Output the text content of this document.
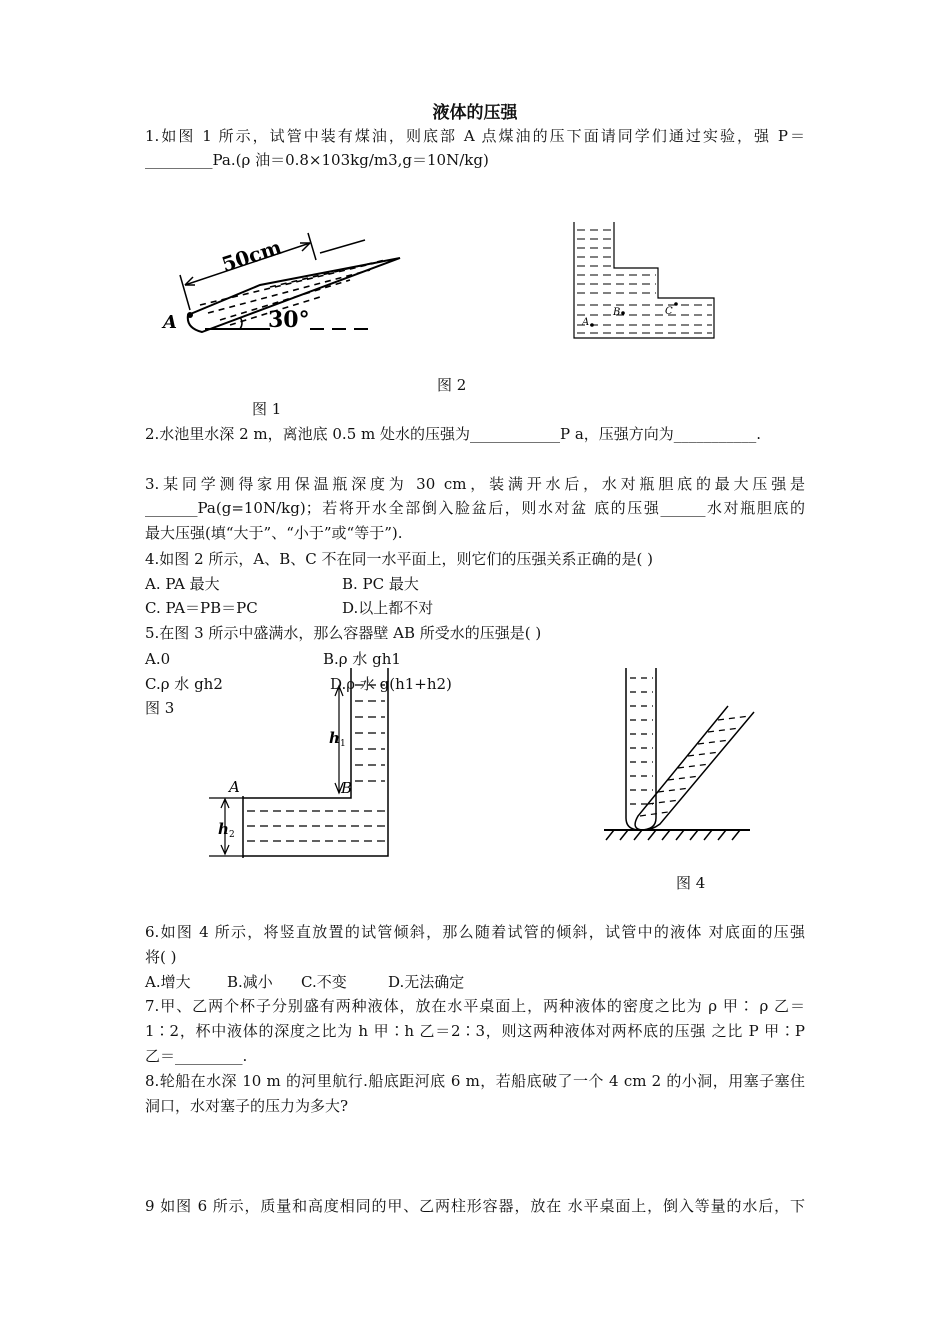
液体的压强
1.如图 1 所示，试管中装有煤油，则底部 A 点煤油的压下面请同学们通过实验，强 P＝
_________Pa.(ρ 油＝0.8×103kg/m3,g＝10N/kg)
50cm
A	30°	A
B	C
图 2
图 1
2.水池里水深 2 m，离池底 0.5 m 处水的压强为____________P a，压强方向为___________.
3.某同学测得家用保温瓶深度为 30 cm，装满开水后，水对瓶胆底的最大压强是
_______Pa(g=10N/kg)；若将开水全部倒入脸盆后，则水对盆 底的压强______水对瓶胆底的
最大压强(填“大于”、“小于”或“等于”).
4.如图 2 所示，A、B、C 不在同一水平面上，则它们的压强关系正确的是( )
A. PA 最大	B. PC 最大
C. PA＝PB＝PC	D.以上都不对
5.在图 3 所示中盛满水，那么容器壁 AB 所受水的压强是( )
A.0	B.ρ 水 gh1
C.ρ 水 gh2
图 3
A	B
h 1
h 2
D.ρ 水 g(h1+h2)
图 4
6.如图 4 所示，将竖直放置的试管倾斜，那么随着试管的倾斜，试管中的液体 对底面的压强
将( )
A.增大 B.减小 C.不变	D.无法确定
7.甲、乙两个杯子分别盛有两种液体，放在水平桌面上，两种液体的密度之比为 ρ 甲∶ ρ 乙＝
1∶2，杯中液体的深度之比为 h 甲∶h 乙＝2∶3，则这两种液体对两杯底的压强 之比 P 甲∶P
乙＝_________.
8.轮船在水深 10 m 的河里航行.船底距河底 6 m，若船底破了一个 4 cm 2 的小洞，用塞子塞住
洞口，水对塞子的压力为多大?
9 如图 6 所示，质量和高度相同的甲、乙两柱形容器，放在 水平桌面上，倒入等量的水后，下
